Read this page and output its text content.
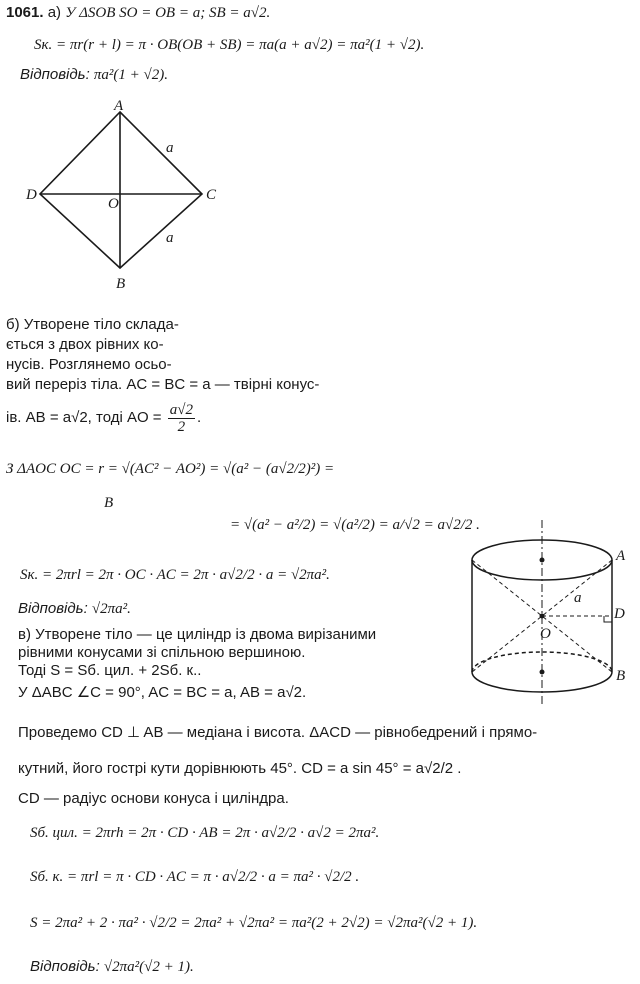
1061. а) У ΔSOB SO = OB = a; SB = a√2.
Sк. = πr(r + l) = π · OB(OB + SB) = πa(a + a√2) = πa²(1 + √2).
Відповідь: πa²(1 + √2).
A
B
C
D
O
a
a
б) Утворене тіло склада-
ється з двох рівних ко-
нусів. Розглянемо осьо-
вий переріз тіла. AC = BC = a — твірні конус-
ів. AB = a√2, тоді AO = $\frac{a√2}{2}$ .
З ΔAOC OC = r = √(AC² − AO²) = √(a² − (a√2/2)²) =
B
= √(a² − a²/2) = √(a²/2) = a/√2 = a√2/2 .
Sк. = 2πrl = 2π · OC · AC = 2π · a√2/2 · a = √2πa².
Відповідь: √2πa².
A
B
D
O
a
в) Утворене тіло — це циліндр із двома вирізаними
рівними конусами зі спільною вершиною.
Тоді S = Sб. цил. + 2Sб. к..
У ΔABC ∠C = 90°, AC = BC = a, AB = a√2.
Проведемо CD ⊥ AB — медіана і висота. ΔACD — рівнобедрений і прямо-
кутний, його гострі кути дорівнюють 45°. CD = a sin 45° = a√2/2 .
CD — радіус основи конуса і циліндра.
Sб. цил. = 2πrh = 2π · CD · AB = 2π · a√2/2 · a√2 = 2πa².
Sб. к. = πrl = π · CD · AC = π · a√2/2 · a = πa² · √2/2 .
S = 2πa² + 2 · πa² · √2/2 = 2πa² + √2πa² = πa²(2 + 2√2) = √2πa²(√2 + 1).
Відповідь: √2πa²(√2 + 1).
